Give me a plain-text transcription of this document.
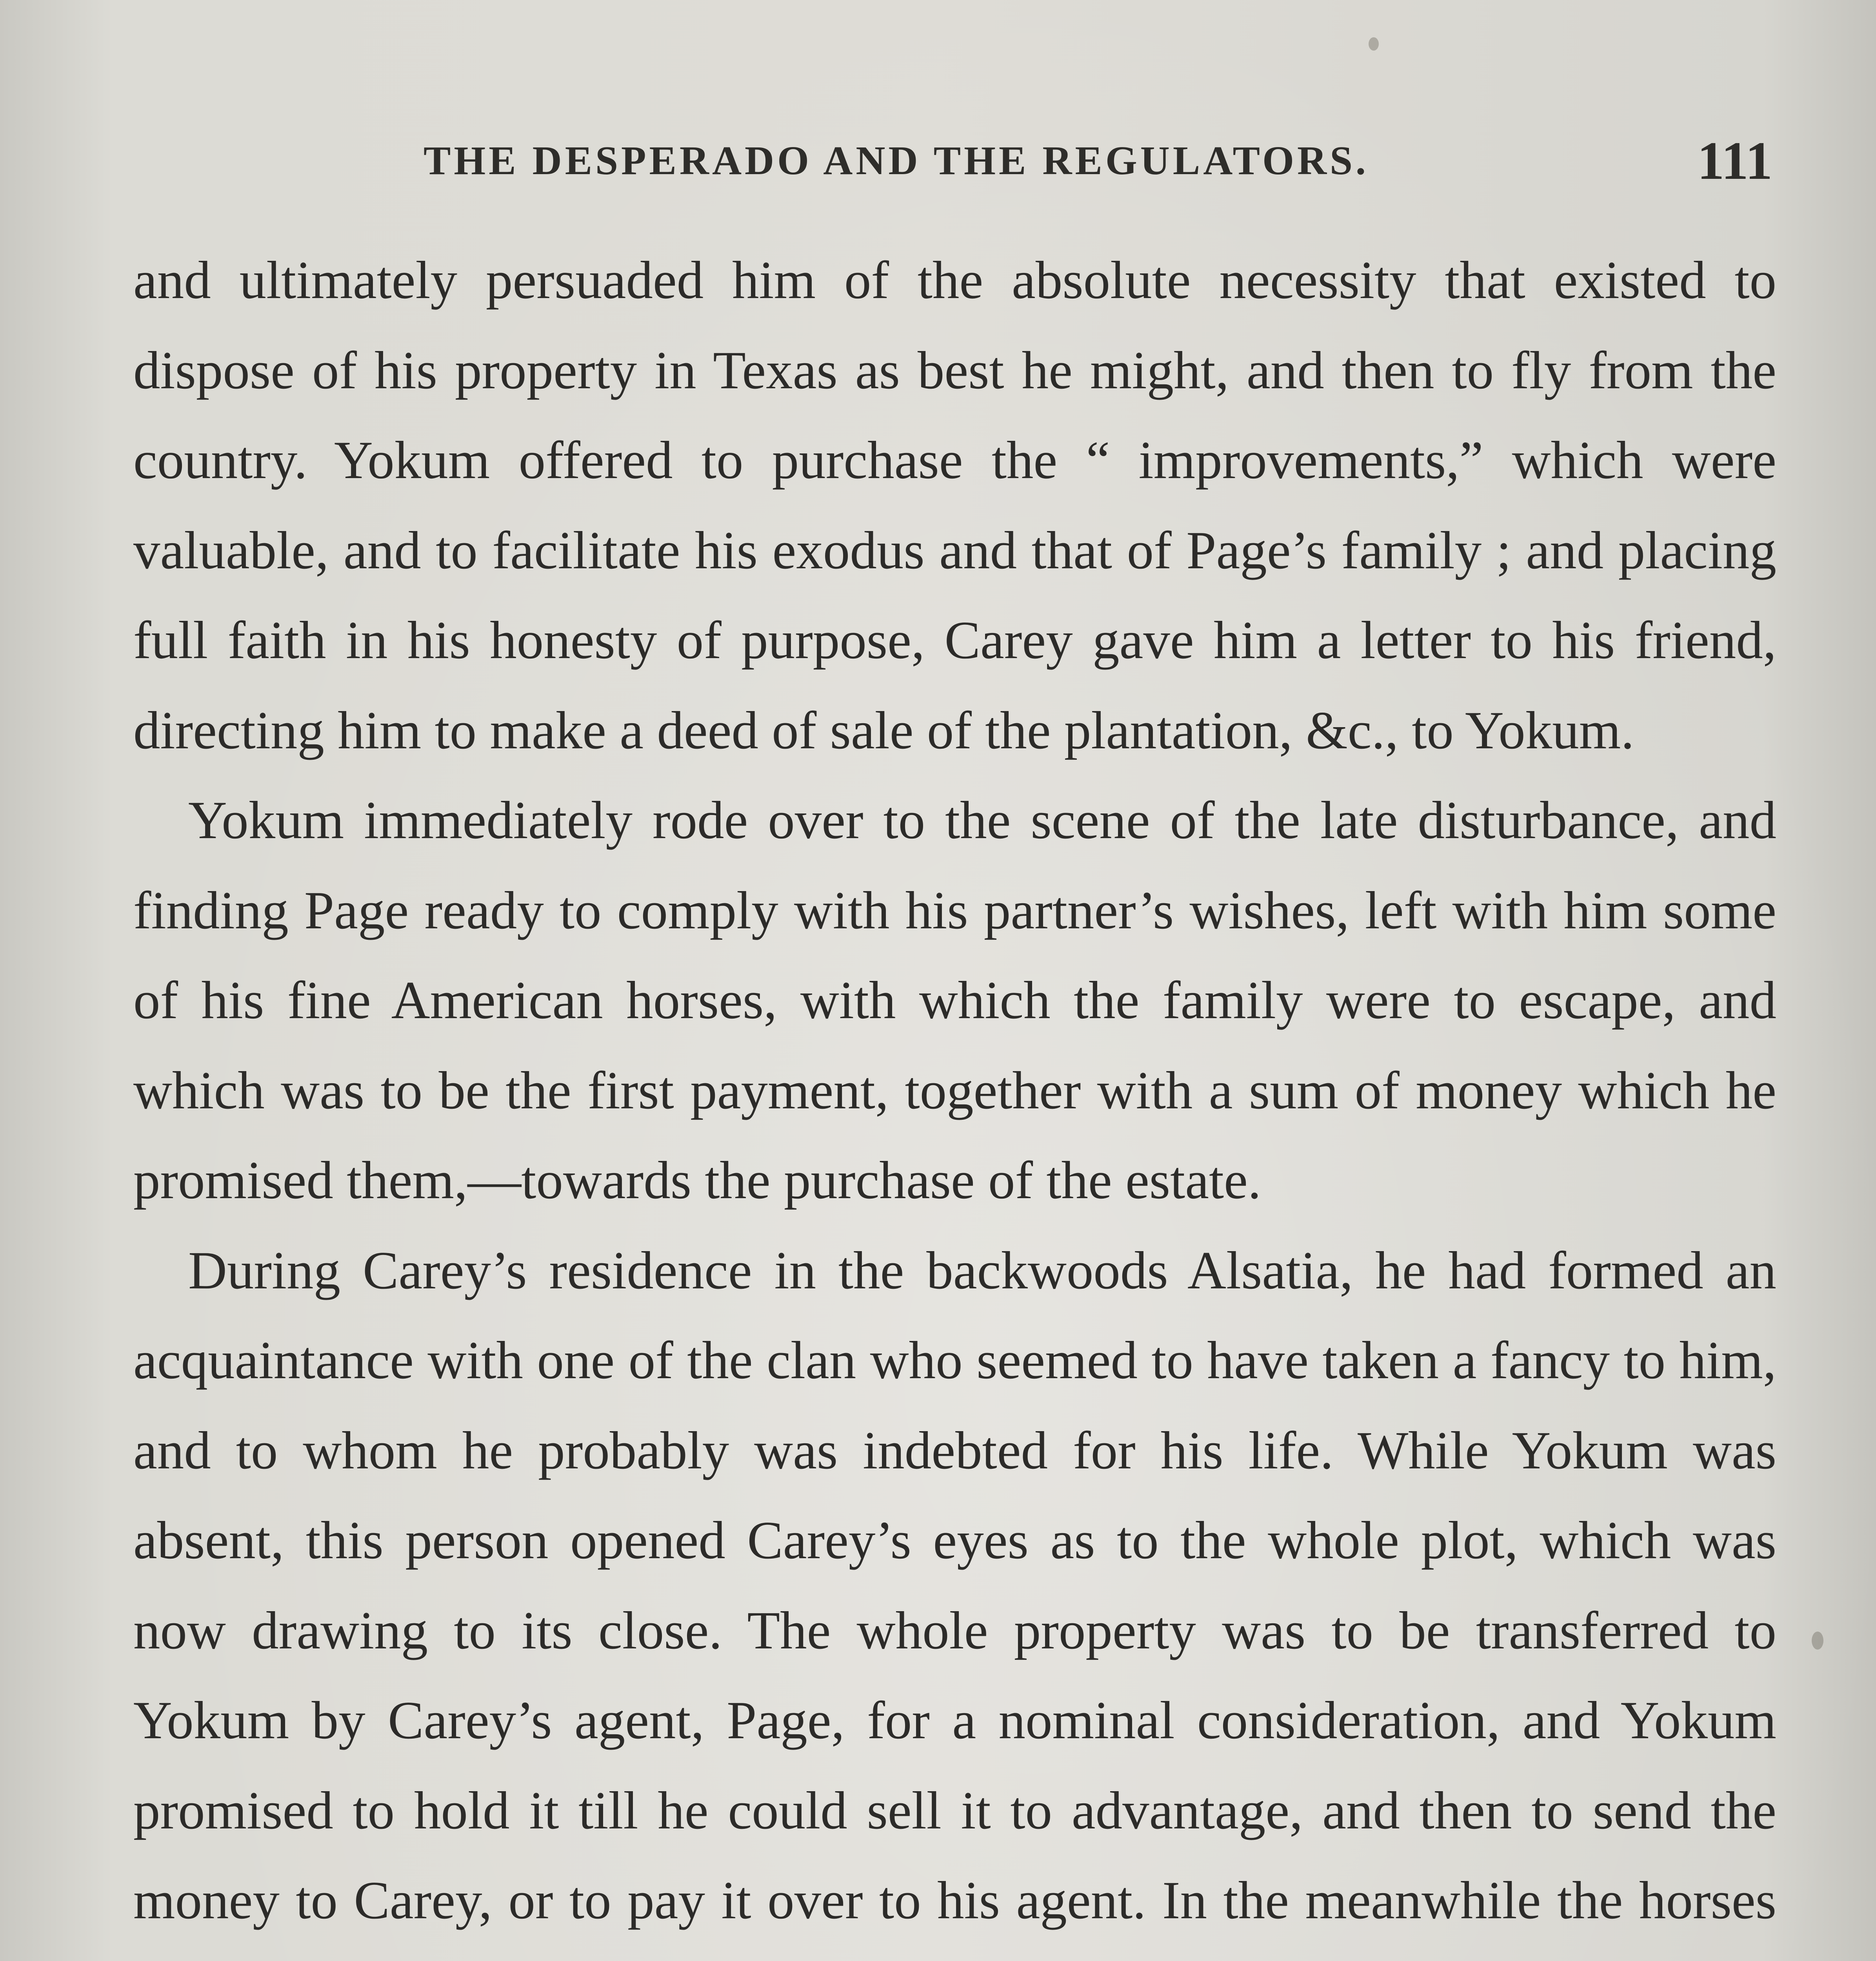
THE DESPERADO AND THE REGULATORS.	111

and ultimately persuaded him of the absolute necessity that existed to dispose of his property in Texas as best he might, and then to fly from the country. Yokum offered to purchase the “ improvements,” which were valuable, and to facilitate his exodus and that of Page’s family ; and placing full faith in his honesty of purpose, Carey gave him a letter to his friend, directing him to make a deed of sale of the plantation, &c., to Yokum.

Yokum immediately rode over to the scene of the late disturbance, and finding Page ready to comply with his partner’s wishes, left with him some of his fine American horses, with which the family were to escape, and which was to be the first payment, together with a sum of money which he promised them,—towards the purchase of the estate.

During Carey’s residence in the backwoods Alsatia, he had formed an acquaintance with one of the clan who seemed to have taken a fancy to him, and to whom he probably was indebted for his life. While Yokum was absent, this person opened Carey’s eyes as to the whole plot, which was now drawing to its close. The whole property was to be transferred to Yokum by Carey’s agent, Page, for a nominal consideration, and Yokum promised to hold it till he could sell it to advantage, and then to send the money to Carey, or to pay it over to his agent. In the meanwhile the horses
